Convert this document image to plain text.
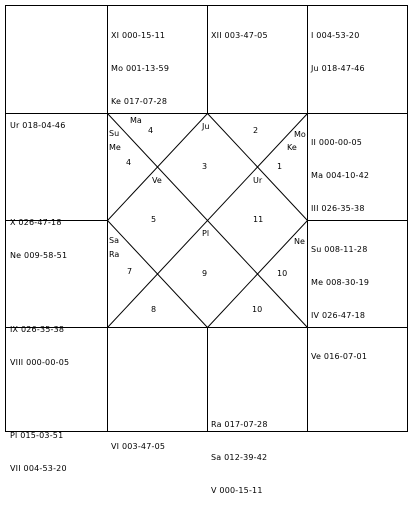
Ur 018-04-46

XI 000-15-11

Mo 001-13-59

Ke 017-07-28

XII 003-47-05

	I 004-53-20

Ju 018-47-46

X 026-47-18

Ne 009-58-51

II 000-00-05

Ma 004-10-42

III 026-35-38

IX 026-35-38

VIII 000-00-05

Su 008-11-28

Me 008-30-19

IV 026-47-18

Pl 015-03-51

VII 004-53-20

VI 003-47-05

Ra 017-07-28

Sa 012-39-42

V 000-15-11

Ve 016-07-01

4
4	3
2
1
5	11
7	9	10
8	10
Ma
Su
Me
Ju
Mo
Ke
Ve	Ur
Pl
Sa
Ra
Ne
